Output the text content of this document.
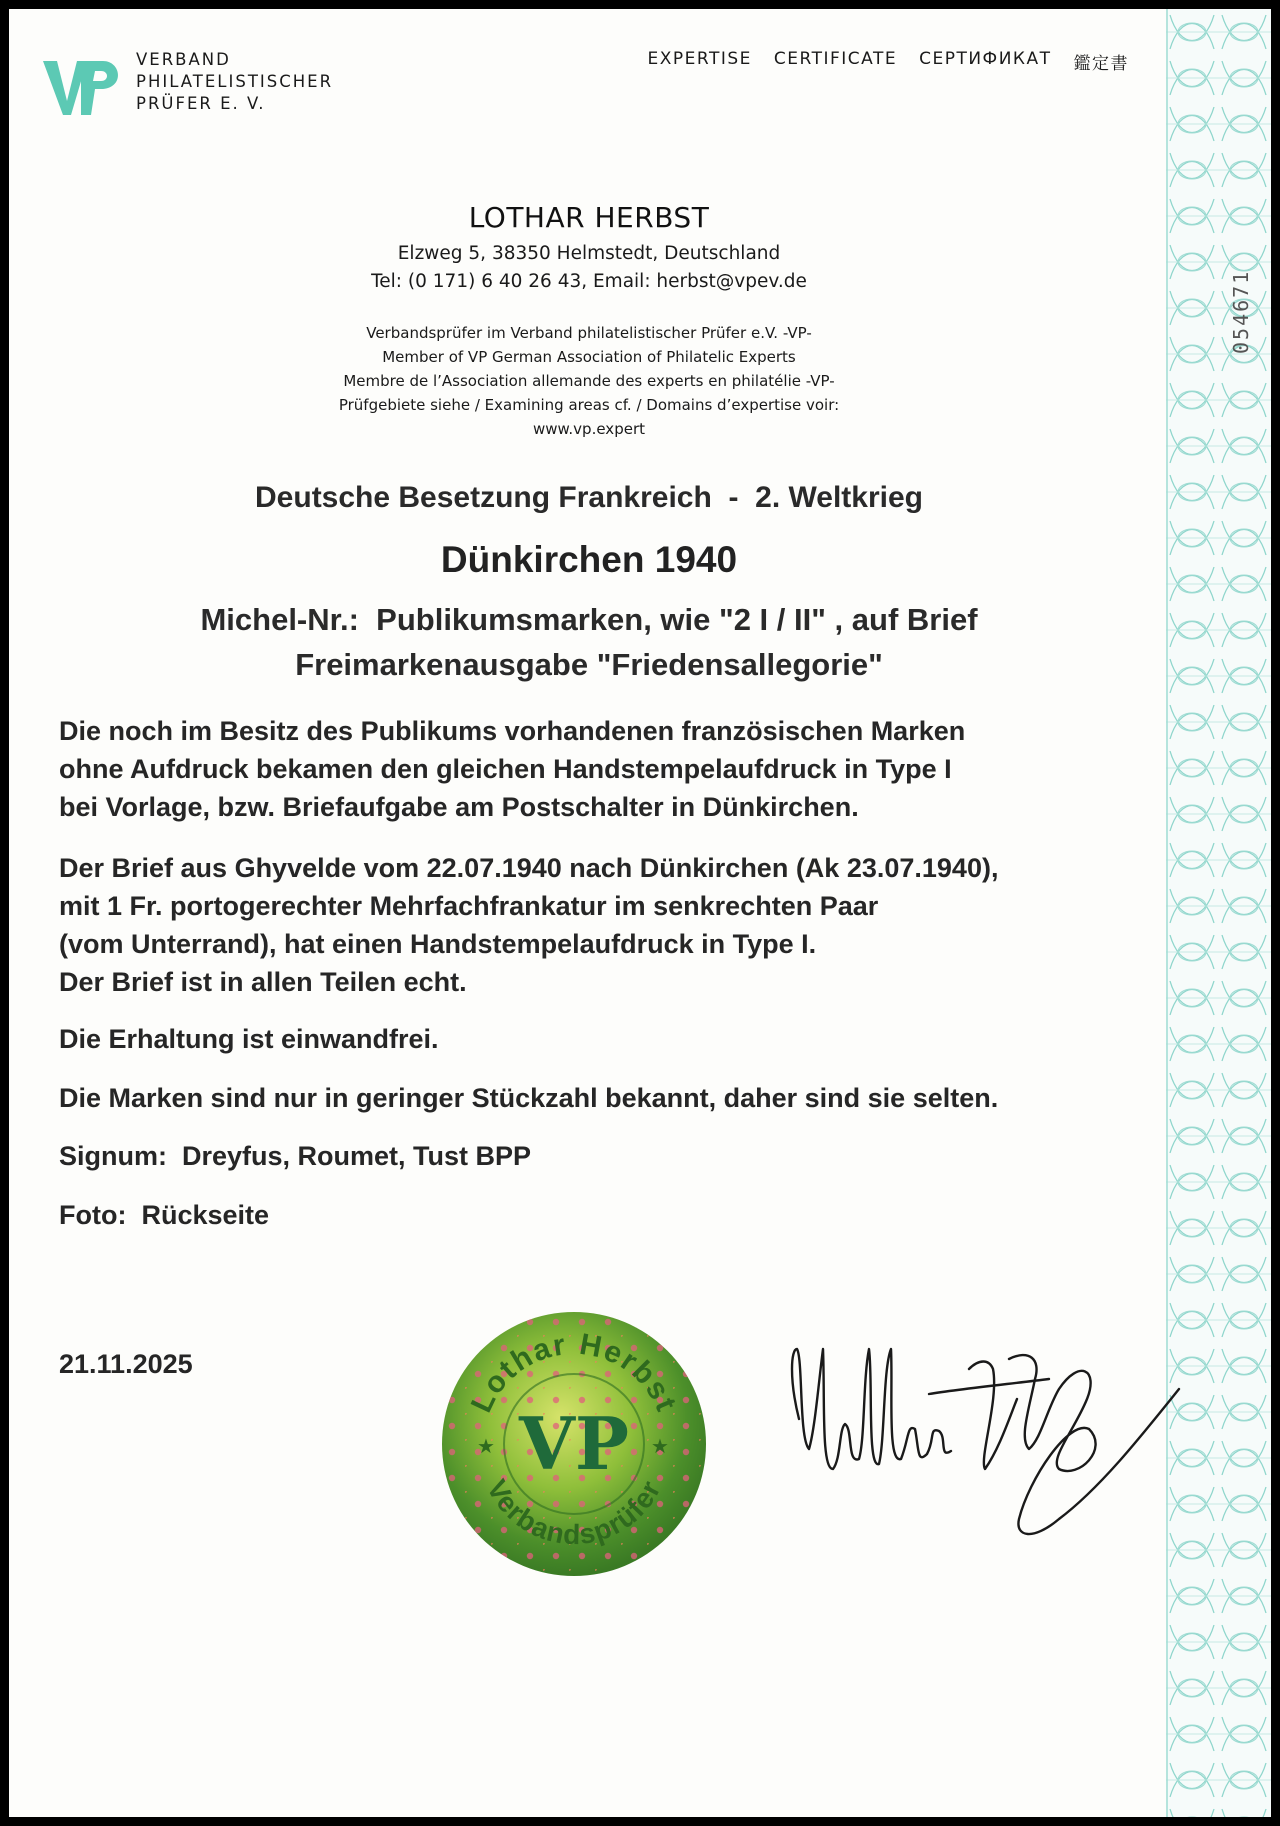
054671
VERBAND
PHILATELISTISCHER
PRÜFER E. V.
EXPERTISE CERTIFICATE СЕРТИФИКАТ 鑑定書
LOTHAR HERBST
Elzweg 5, 38350 Helmstedt, Deutschland
Tel: (0 171) 6 40 26 43, Email: herbst@vpev.de
Verbandsprüfer im Verband philatelistischer Prüfer e.V. -VP-
Member of VP German Association of Philatelic Experts
Membre de l’Association allemande des experts en philatélie -VP-
Prüfgebiete siehe / Examining areas cf. / Domains d’expertise voir:
www.vp.expert
Deutsche Besetzung Frankreich  -  2. Weltkrieg
Dünkirchen 1940
Michel-Nr.:  Publikumsmarken, wie "2 I / II" , auf Brief
Freimarkenausgabe "Friedensallegorie"
Die noch im Besitz des Publikums vorhandenen französischen Marken
ohne Aufdruck bekamen den gleichen Handstempelaufdruck in Type I
bei Vorlage, bzw. Briefaufgabe am Postschalter in Dünkirchen.
Der Brief aus Ghyvelde vom 22.07.1940 nach Dünkirchen (Ak 23.07.1940),
mit 1 Fr. portogerechter Mehrfachfrankatur im senkrechten Paar
(vom Unterrand), hat einen Handstempelaufdruck in Type I.
Der Brief ist in allen Teilen echt.
Die Erhaltung ist einwandfrei.
Die Marken sind nur in geringer Stückzahl bekannt, daher sind sie selten.
Signum:  Dreyfus, Roumet, Tust BPP
Foto:  Rückseite
21.11.2025
Lothar Herbst
Verbandsprüfer
VP
★	★
